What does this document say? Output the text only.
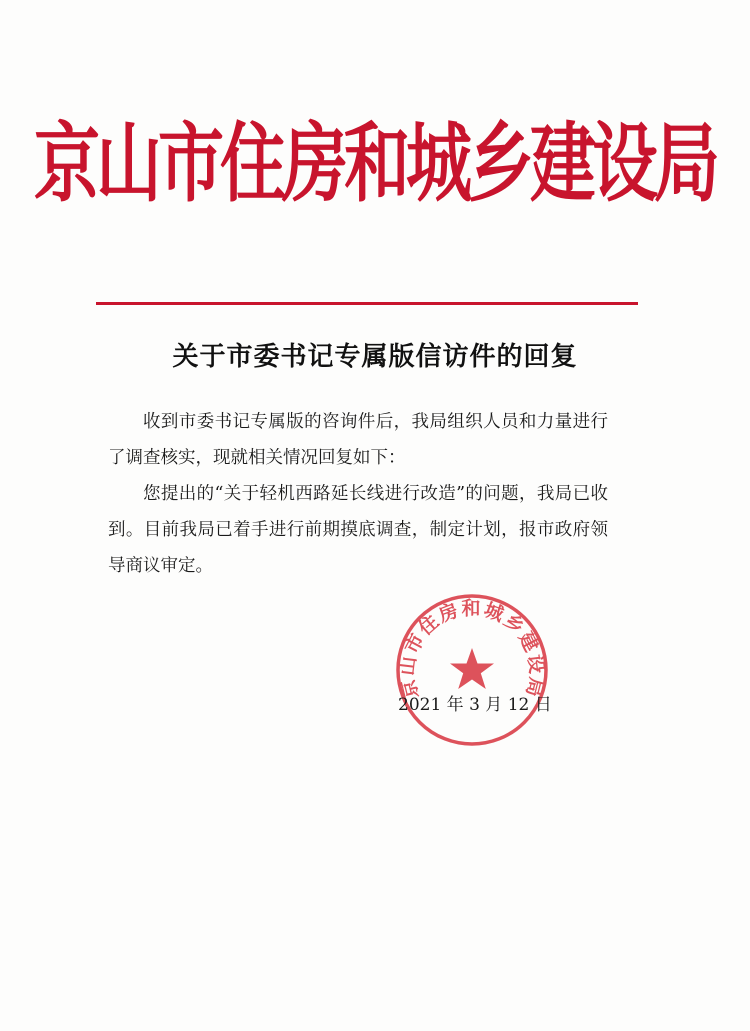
京山市住房和城乡建设局
关于市委书记专属版信访件的回复

收到市委书记专属版的咨询件后，我局组织人员和力量进行了调查核实，现就相关情况回复如下：

您提出的“关于轻机西路延长线进行改造”的问题，我局已收到。目前我局已着手进行前期摸底调查，制定计划，报市政府领导商议审定。

京山市住房和城乡建设局
2021 年 3 月 12 日
